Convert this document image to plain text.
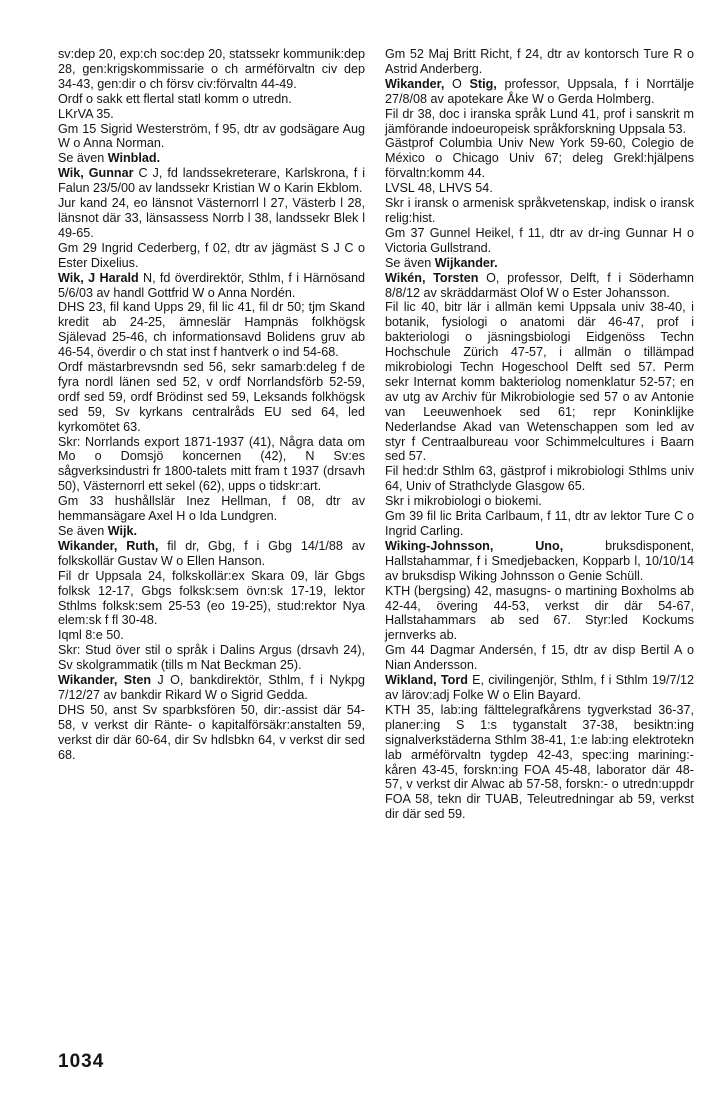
sv:dep 20, exp:ch soc:dep 20, statssekr kommunik:dep 28, gen:krigskommissarie o ch arméförvaltn civ dep 34-43, gen:dir o ch försv civ:förvaltn 44-49.

Ordf o sakk ett flertal statl komm o utredn.

LKrVA 35.

Gm 15 Sigrid Westerström, f 95, dtr av godsägare Aug W o Anna Norman.

Se även Winblad.

Wik, Gunnar C J, fd landssekreterare, Karlskrona, f i Falun 23/5/00 av landssekr Kristian W o Karin Ekblom.

Jur kand 24, eo länsnot Västernorrl l 27, Västerb l 28, länsnot där 33, länsassess Norrb l 38, landssekr Blek l 49-65.

Gm 29 Ingrid Cederberg, f 02, dtr av jägmäst S J C o Ester Dixelius.

Wik, J Harald N, fd överdirektör, Sthlm, f i Härnösand 5/6/03 av handl Gottfrid W o Anna Nordén.

DHS 23, fil kand Upps 29, fil lic 41, fil dr 50; tjm Skand kredit ab 24-25, ämneslär Hampnäs folkhögsk Själevad 25-46, ch informationsavd Bolidens gruv ab 46-54, överdir o ch stat inst f hantverk o ind 54-68.

Ordf mästarbrevsndn sed 56, sekr samarb:deleg f de fyra nordl länen sed 52, v ordf Norrlandsförb 52-59, ordf sed 59, ordf Brödinst sed 59, Leksands folkhögsk sed 59, Sv kyrkans centralråds EU sed 64, led kyrkomötet 63.

Skr: Norrlands export 1871-1937 (41), Några data om Mo o Domsjö koncernen (42), N Sv:es sågverksindustri fr 1800-talets mitt fram t 1937 (drsavh 50), Västernorrl ett sekel (62), upps o tidskr:art.

Gm 33 hushållslär Inez Hellman, f 08, dtr av hemmansägare Axel H o Ida Lundgren.

Se även Wijk.

Wikander, Ruth, fil dr, Gbg, f i Gbg 14/1/88 av folkskollär Gustav W o Ellen Hanson.

Fil dr Uppsala 24, folkskollär:ex Skara 09, lär Gbgs folksk 12-17, Gbgs folksk:sem övn:sk 17-19, lektor Sthlms folksk:sem 25-53 (eo 19-25), stud:rektor Nya elem:sk f fl 30-48.

Iqml 8:e 50.

Skr: Stud över stil o språk i Dalins Argus (drsavh 24), Sv skolgrammatik (tills m Nat Beckman 25).

Wikander, Sten J O, bankdirektör, Sthlm, f i Nykpg 7/12/27 av bankdir Rikard W o Sigrid Gedda.

DHS 50, anst Sv sparbksfören 50, dir:-assist där 54-58, v verkst dir Ränte- o kapitalförsäkr:anstalten 59, verkst dir där 60-64, dir Sv hdlsbkn 64, v verkst dir sed 68.

Gm 52 Maj Britt Richt, f 24, dtr av kontorsch Ture R o Astrid Anderberg.

Wikander, O Stig, professor, Uppsala, f i Norrtälje 27/8/08 av apotekare Åke W o Gerda Holmberg.

Fil dr 38, doc i iranska språk Lund 41, prof i sanskrit m jämförande indoeuropeisk språkforskning Uppsala 53.

Gästprof Columbia Univ New York 59-60, Colegio de México o Chicago Univ 67; deleg Grekl:hjälpens förvaltn:komm 44.

LVSL 48, LHVS 54.

Skr i iransk o armenisk språkvetenskap, indisk o iransk relig:hist.

Gm 37 Gunnel Heikel, f 11, dtr av dr-ing Gunnar H o Victoria Gullstrand.

Se även Wijkander.

Wikén, Torsten O, professor, Delft, f i Söderhamn 8/8/12 av skräddarmäst Olof W o Ester Johansson.

Fil lic 40, bitr lär i allmän kemi Uppsala univ 38-40, i botanik, fysiologi o anatomi där 46-47, prof i bakteriologi o jäsningsbiologi Eidgenöss Techn Hochschule Zürich 47-57, i allmän o tillämpad mikrobiologi Techn Hogeschool Delft sed 57. Perm sekr Internat komm bakteriolog nomenklatur 52-57; en av utg av Archiv für Mikrobiologie sed 57 o av Antonie van Leeuwenhoek sed 61; repr Koninklijke Nederlandse Akad van Wetenschappen som led av styr f Centraalbureau voor Schimmelcultures i Baarn sed 57.

Fil hed:dr Sthlm 63, gästprof i mikrobiologi Sthlms univ 64, Univ of Strathclyde Glasgow 65.

Skr i mikrobiologi o biokemi.

Gm 39 fil lic Brita Carlbaum, f 11, dtr av lektor Ture C o Ingrid Carling.

Wiking-Johnsson, Uno, bruksdisponent, Hallstahammar, f i Smedjebacken, Kopparb l, 10/10/14 av bruksdisp Wiking Johnsson o Genie Schüll.

KTH (bergsing) 42, masugns- o martining Boxholms ab 42-44, övering 44-53, verkst dir där 54-67, Hallstahammars ab sed 67. Styr:led Kockums jernverks ab.

Gm 44 Dagmar Andersén, f 15, dtr av disp Bertil A o Nian Andersson.

Wikland, Tord E, civilingenjör, Sthlm, f i Sthlm 19/7/12 av lärov:adj Folke W o Elin Bayard.

KTH 35, lab:ing fälttelegrafkårens tygverkstad 36-37, planer:ing S 1:s tyganstalt 37-38, besiktn:ing signalverkstäderna Sthlm 38-41, 1:e lab:ing elektrotekn lab arméförvaltn tygdep 42-43, spec:ing marining:-kåren 43-45, forskn:ing FOA 45-48, laborator där 48-57, v verkst dir Alwac ab 57-58, forskn:- o utredn:uppdr FOA 58, tekn dir TUAB, Teleutredningar ab 59, verkst dir där sed 59.

1034
